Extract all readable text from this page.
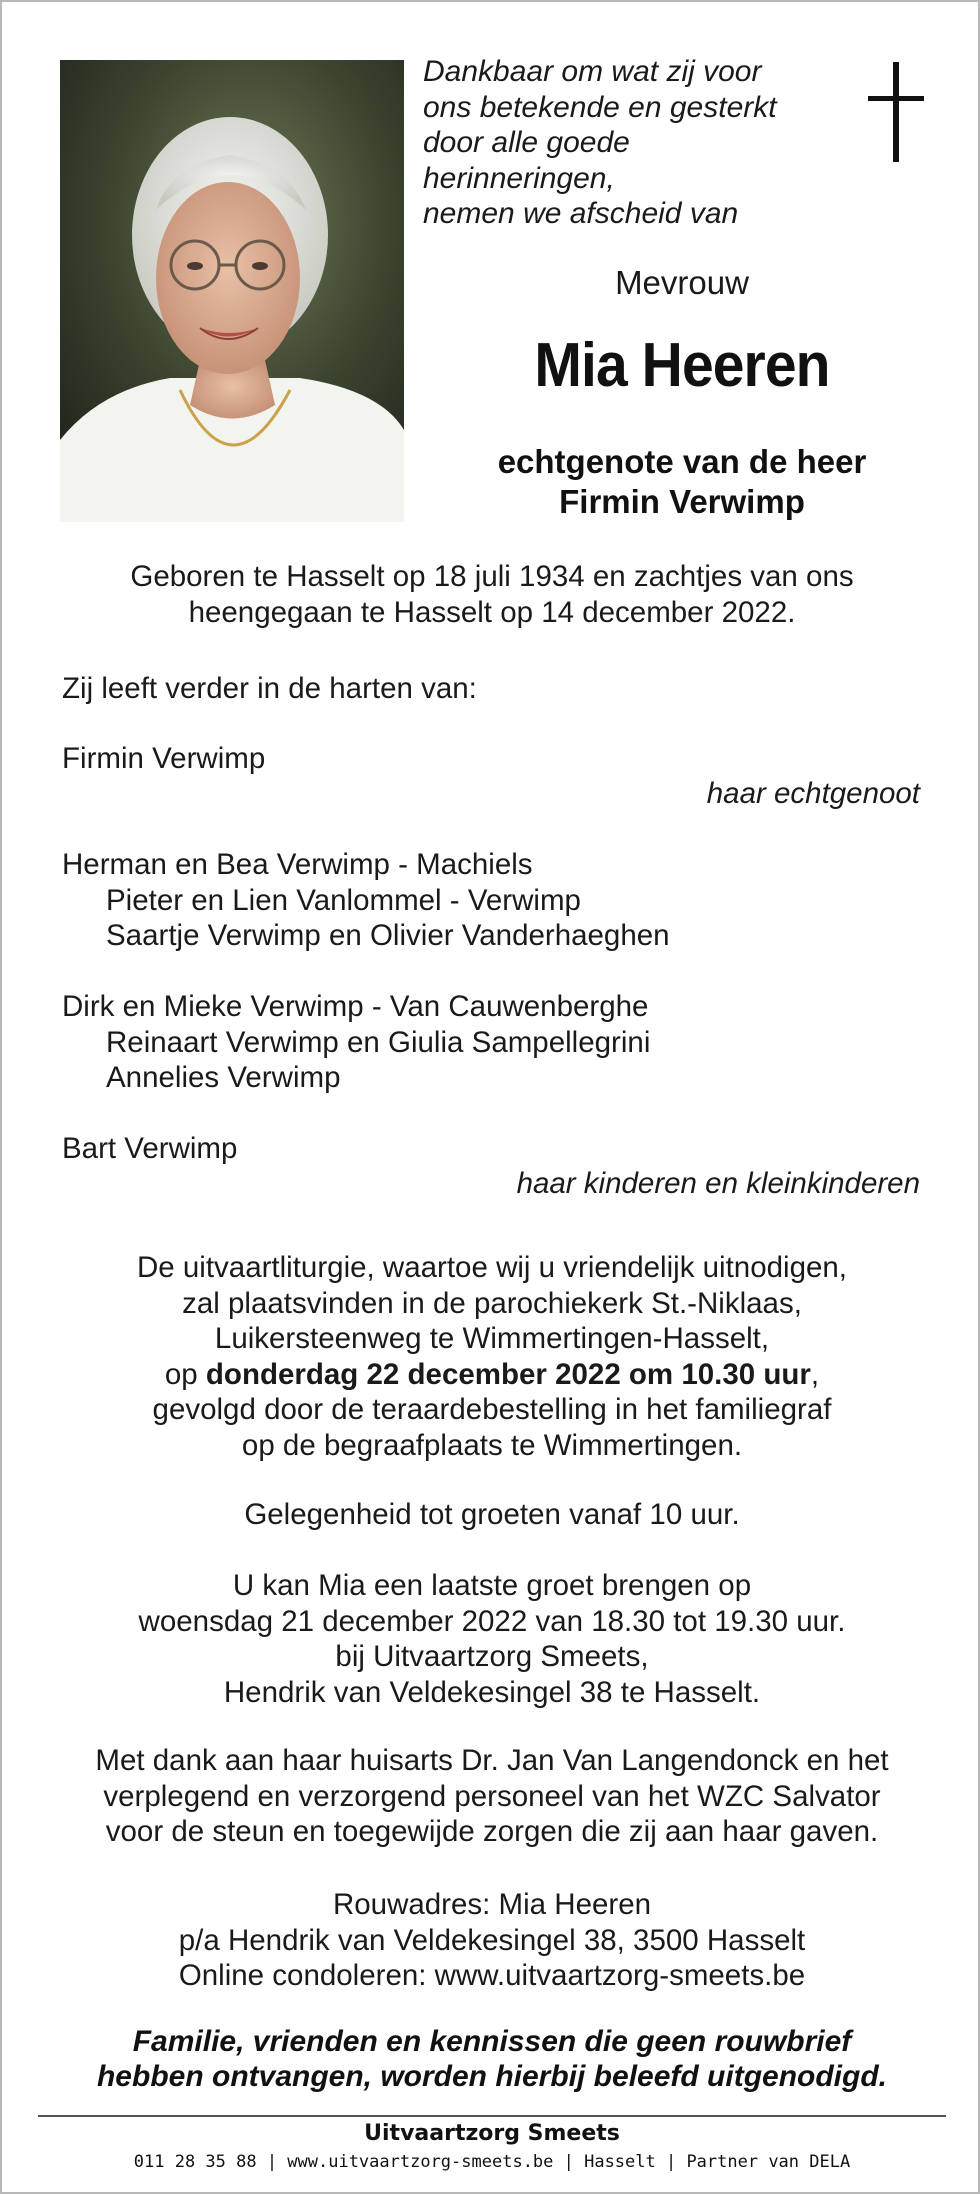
Dankbaar om wat zij voor
ons betekende en gesterkt
door alle goede
herinneringen,
nemen we afscheid van
Mevrouw
Mia Heeren
echtgenote van de heer
Firmin Verwimp
Geboren te Hasselt op 18 juli 1934 en zachtjes van ons
heengegaan te Hasselt op 14 december 2022.
Zij leeft verder in de harten van:
Firmin Verwimp
haar echtgenoot
Herman en Bea Verwimp - Machiels
Pieter en Lien Vanlommel - Verwimp
Saartje Verwimp en Olivier Vanderhaeghen
Dirk en Mieke Verwimp - Van Cauwenberghe
Reinaart Verwimp en Giulia Sampellegrini
Annelies Verwimp
Bart Verwimp
haar kinderen en kleinkinderen
De uitvaartliturgie, waartoe wij u vriendelijk uitnodigen,
zal plaatsvinden in de parochiekerk St.-Niklaas,
Luikersteenweg te Wimmertingen-Hasselt,
op donderdag 22 december 2022 om 10.30 uur,
gevolgd door de teraardebestelling in het familiegraf
op de begraafplaats te Wimmertingen.
Gelegenheid tot groeten vanaf 10 uur.
U kan Mia een laatste groet brengen op
woensdag 21 december 2022 van 18.30 tot 19.30 uur.
bij Uitvaartzorg Smeets,
Hendrik van Veldekesingel 38 te Hasselt.
Met dank aan haar huisarts Dr. Jan Van Langendonck en het
verplegend en verzorgend personeel van het WZC Salvator
voor de steun en toegewijde zorgen die zij aan haar gaven.
Rouwadres: Mia Heeren
p/a Hendrik van Veldekesingel 38, 3500 Hasselt
Online condoleren: www.uitvaartzorg-smeets.be
Familie, vrienden en kennissen die geen rouwbrief
hebben ontvangen, worden hierbij beleefd uitgenodigd.
Uitvaartzorg Smeets
011 28 35 88 | www.uitvaartzorg-smeets.be | Hasselt | Partner van DELA
